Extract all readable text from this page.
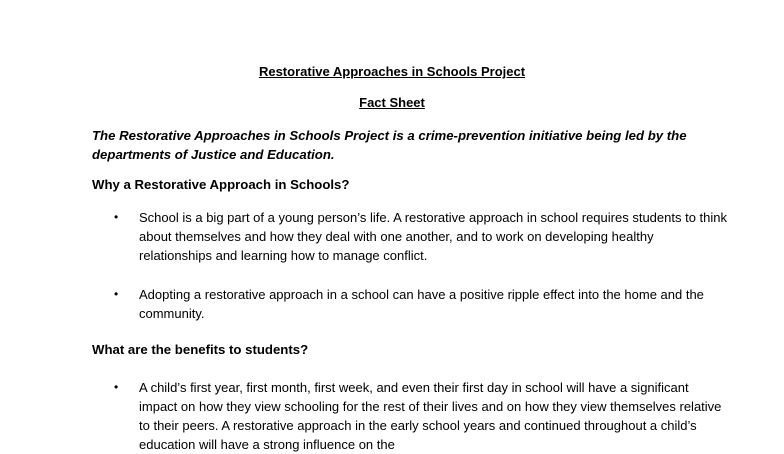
Restorative Approaches in Schools Project

Fact Sheet

The Restorative Approaches in Schools Project is a crime-prevention initiative being led by the departments of Justice and Education.

Why a Restorative Approach in Schools?

•	School is a big part of a young person’s life. A restorative approach in school requires students to think about themselves and how they deal with one another, and to work on developing healthy relationships and learning how to manage conflict.

•	Adopting a restorative approach in a school can have a positive ripple effect into the home and the community.

What are the benefits to students?

•	A child’s first year, first month, first week, and even their first day in school will have a significant impact on how they view schooling for the rest of their lives and on how they view themselves relative to their peers. A restorative approach in the early school years and continued throughout a child’s education will have a strong influence on the
